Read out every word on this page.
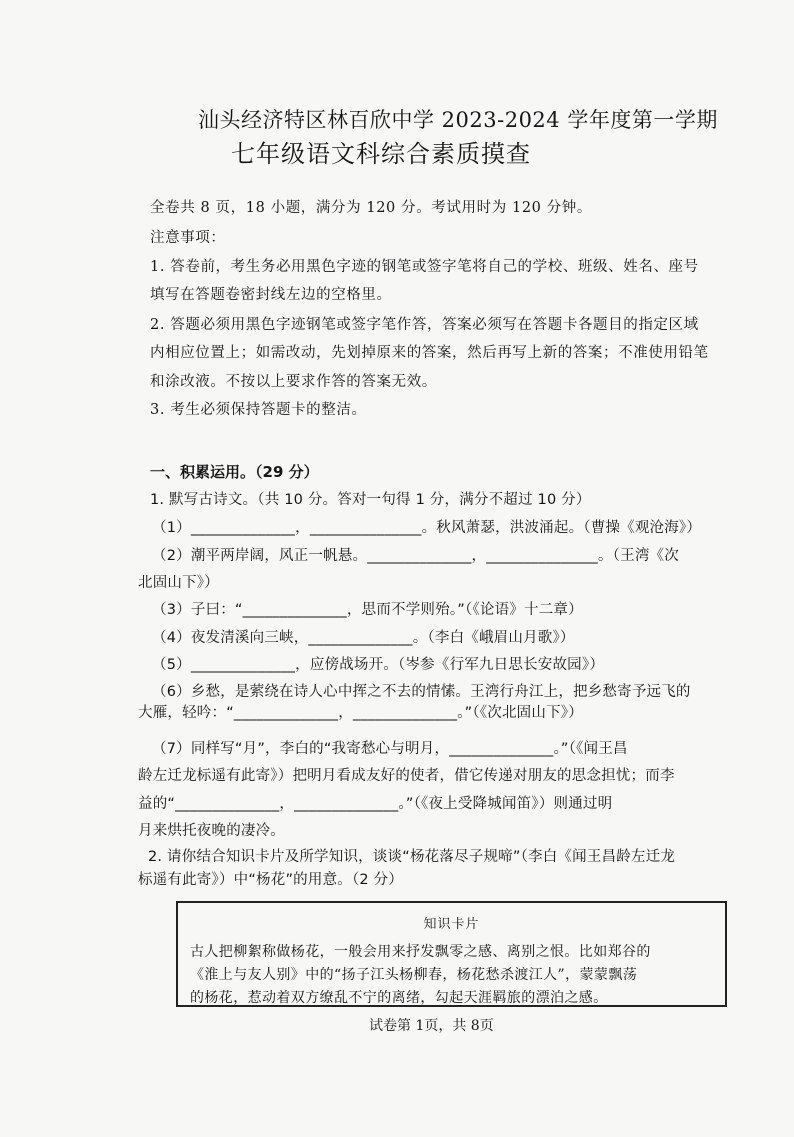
汕头经济特区林百欣中学 2023-2024 学年度第一学期
七年级语文科综合素质摸查
全卷共 8 页，18 小题，满分为 120 分。考试用时为 120 分钟。
注意事项：
1. 答卷前，考生务必用黑色字迹的钢笔或签字笔将自己的学校、班级、姓名、座号
填写在答题卷密封线左边的空格里。
2. 答题必须用黑色字迹钢笔或签字笔作答，答案必须写在答题卡各题目的指定区域
内相应位置上；如需改动，先划掉原来的答案，然后再写上新的答案；不准使用铅笔
和涂改液。不按以上要求作答的答案无效。
3. 考生必须保持答题卡的整洁。
一、积累运用。（29 分）
1. 默写古诗文。（共 10 分。答对一句得 1 分，满分不超过 10 分）
（1）______________，_______________。秋风萧瑟，洪波涌起。（曹操《观沧海》）
（2）潮平两岸阔，风正一帆悬。______________，_______________。（王湾《次
北固山下》）
（3）子曰：“______________，思而不学则殆。”（《论语》十二章）
（4）夜发清溪向三峡，______________。（李白《峨眉山月歌》）
（5）______________，应傍战场开。（岑参《行军九日思长安故园》）
（6）乡愁，是萦绕在诗人心中挥之不去的情愫。王湾行舟江上，把乡愁寄予远飞的
大雁，轻吟：“______________，______________。”（《次北固山下》）
（7）同样写“月”，李白的“我寄愁心与明月，______________。”（《闻王昌
龄左迁龙标遥有此寄》）把明月看成友好的使者，借它传递对朋友的思念担忧；而李
益的“______________，______________。”（《夜上受降城闻笛》）则通过明
月来烘托夜晚的凄冷。
2. 请你结合知识卡片及所学知识，谈谈“杨花落尽子规啼”（李白《闻王昌龄左迁龙
标遥有此寄》）中“杨花”的用意。（2 分）
知识卡片
古人把柳絮称做杨花，一般会用来抒发飘零之感、离别之恨。比如郑谷的
《淮上与友人别》中的“扬子江头杨柳春，杨花愁杀渡江人”，蒙蒙飘荡
的杨花，惹动着双方缭乱不宁的离绪，勾起天涯羁旅的漂泊之感。
试卷第 1页，共 8页
